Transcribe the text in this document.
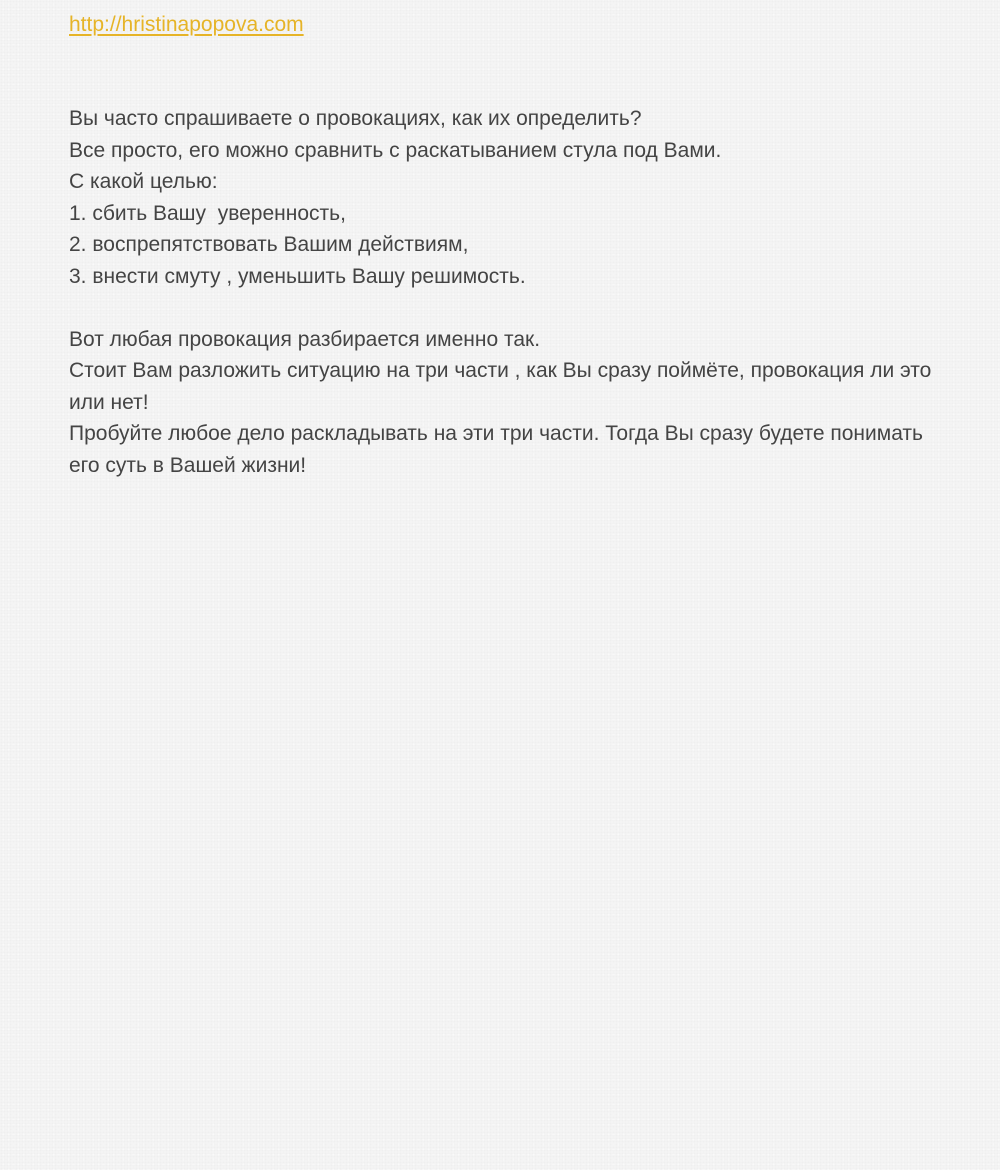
http://hristinapopova.com
Вы часто спрашиваете о провокациях, как их определить?
Все просто, его можно сравнить с раскатыванием стула под Вами.
С какой целью:
1. сбить Вашу  уверенность,
2. воспрепятствовать Вашим действиям,
3. внести смуту , уменьшить Вашу решимость.
Вот любая провокация разбирается именно так.
Стоит Вам разложить ситуацию на три части , как Вы сразу поймёте, провокация ли это или нет!
Пробуйте любое дело раскладывать на эти три части. Тогда Вы сразу будете понимать его суть в Вашей жизни!
